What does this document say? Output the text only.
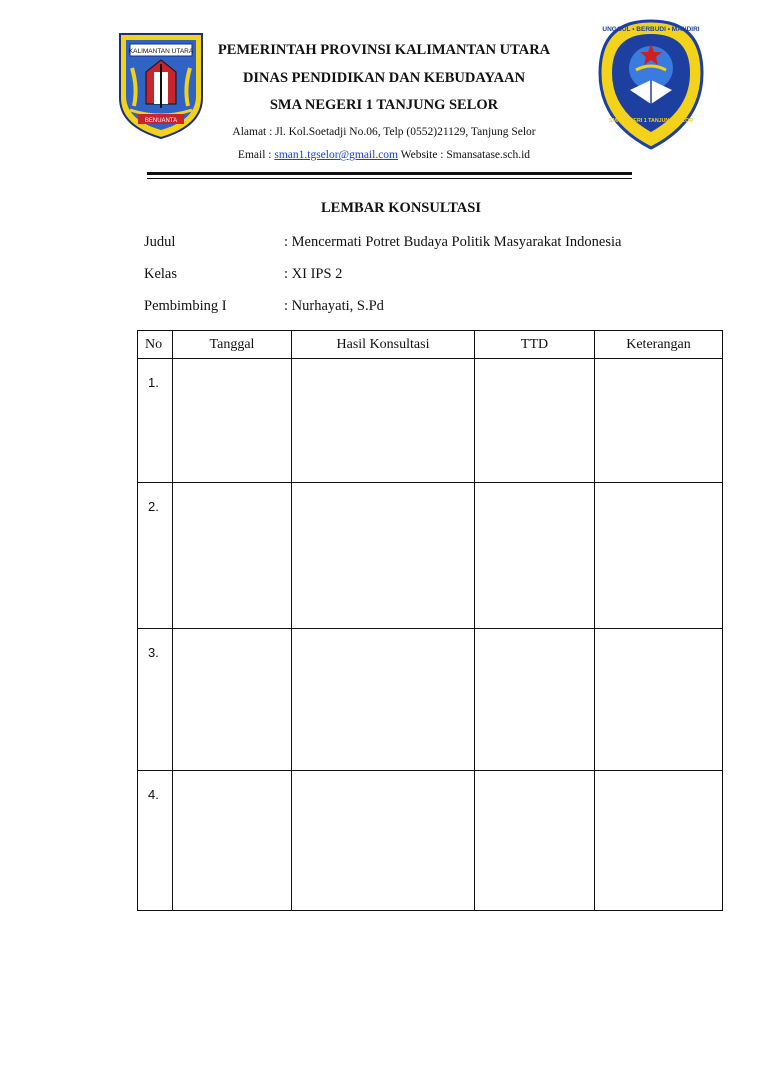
KALIMANTAN UTARA
BENUANTA
UNGGUL • BERBUDI • MANDIRI
SMA NEGERI 1 TANJUNG SELOR
PEMERINTAH PROVINSI KALIMANTAN UTARA
DINAS PENDIDIKAN DAN KEBUDAYAAN
SMA NEGERI 1 TANJUNG SELOR
Alamat : Jl. Kol.Soetadji No.06, Telp (0552)21129, Tanjung Selor
Email : sman1.tgselor@gmail.com Website : Smansatase.sch.id
LEMBAR KONSULTASI
Judul	: Mencermati Potret Budaya Politik Masyarakat Indonesia
Kelas	: XI IPS 2
Pembimbing I	: Nurhayati, S.Pd
No	Tanggal	Hasil Konsultasi	TTD	Keterangan
1.				
2.				
3.				
4.				
